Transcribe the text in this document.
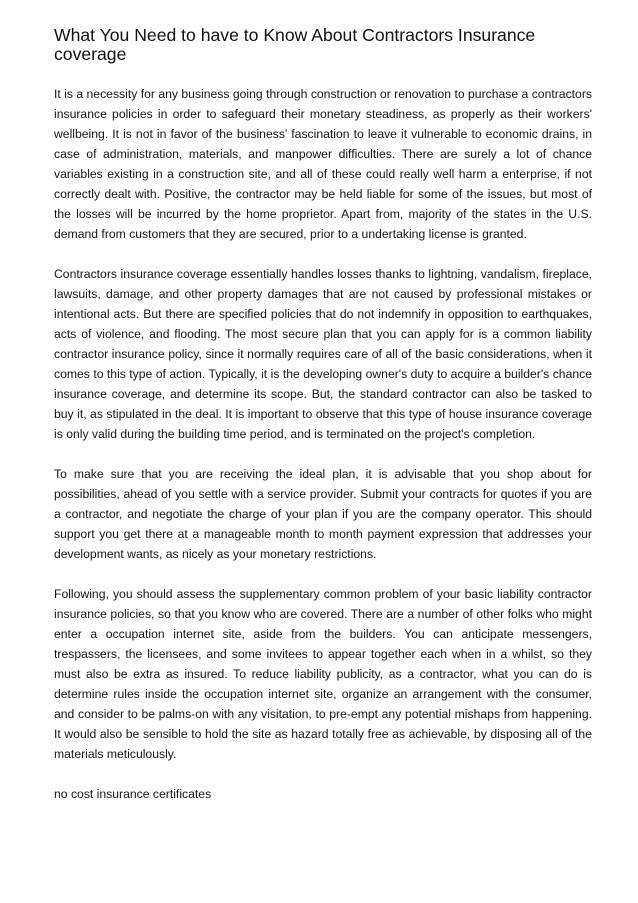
What You Need to have to Know About Contractors Insurance coverage

It is a necessity for any business going through construction or renovation to purchase a contractors insurance policies in order to safeguard their monetary steadiness, as properly as their workers' wellbeing. It is not in favor of the business' fascination to leave it vulnerable to economic drains, in case of administration, materials, and manpower difficulties. There are surely a lot of chance variables existing in a construction site, and all of these could really well harm a enterprise, if not correctly dealt with. Positive, the contractor may be held liable for some of the issues, but most of the losses will be incurred by the home proprietor. Apart from, majority of the states in the U.S. demand from customers that they are secured, prior to a undertaking license is granted.

Contractors insurance coverage essentially handles losses thanks to lightning, vandalism, fireplace, lawsuits, damage, and other property damages that are not caused by professional mistakes or intentional acts. But there are specified policies that do not indemnify in opposition to earthquakes, acts of violence, and flooding. The most secure plan that you can apply for is a common liability contractor insurance policy, since it normally requires care of all of the basic considerations, when it comes to this type of action. Typically, it is the developing owner's duty to acquire a builder's chance insurance coverage, and determine its scope. But, the standard contractor can also be tasked to buy it, as stipulated in the deal. It is important to observe that this type of house insurance coverage is only valid during the building time period, and is terminated on the project's completion.

To make sure that you are receiving the ideal plan, it is advisable that you shop about for possibilities, ahead of you settle with a service provider. Submit your contracts for quotes if you are a contractor, and negotiate the charge of your plan if you are the company operator. This should support you get there at a manageable month to month payment expression that addresses your development wants, as nicely as your monetary restrictions.

Following, you should assess the supplementary common problem of your basic liability contractor insurance policies, so that you know who are covered. There are a number of other folks who might enter a occupation internet site, aside from the builders. You can anticipate messengers, trespassers, the licensees, and some invitees to appear together each when in a whilst, so they must also be extra as insured. To reduce liability publicity, as a contractor, what you can do is determine rules inside the occupation internet site, organize an arrangement with the consumer, and consider to be palms-on with any visitation, to pre-empt any potential mishaps from happening. It would also be sensible to hold the site as hazard totally free as achievable, by disposing all of the materials meticulously.

no cost insurance certificates
